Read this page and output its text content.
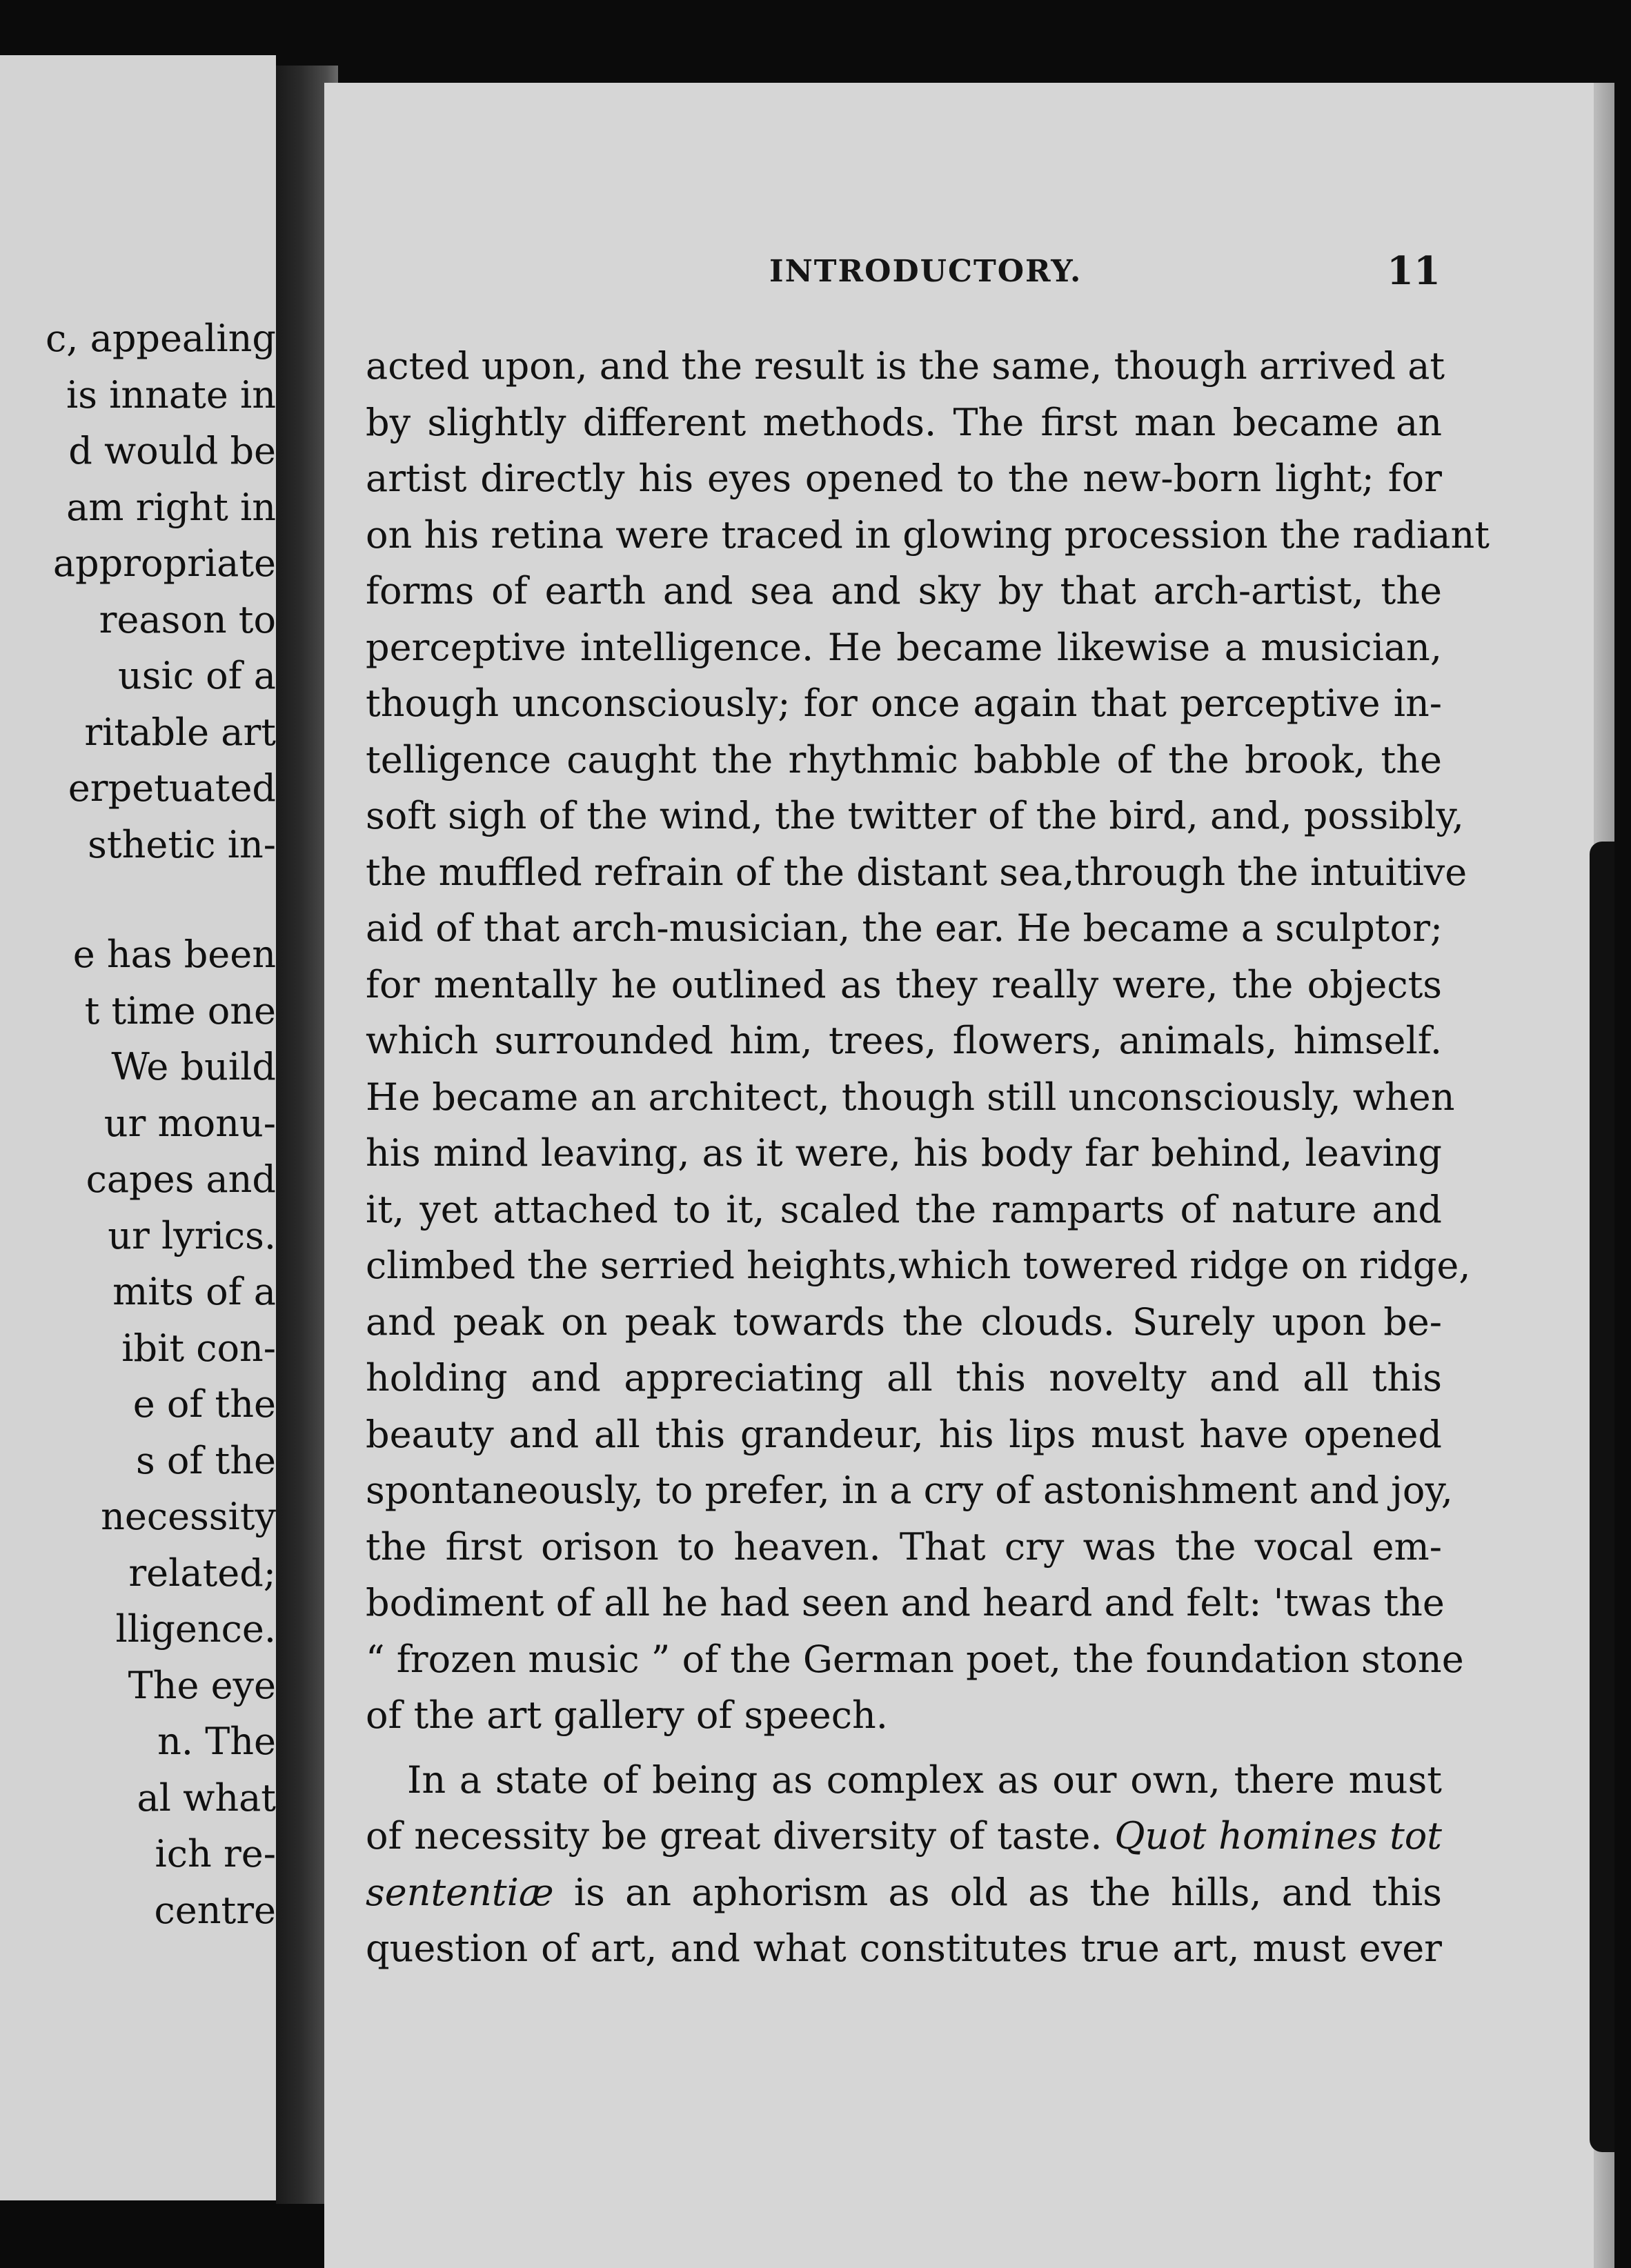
c, appealing
is innate in
d would be
am right in
appropriate
reason to
usic of a
ritable art
erpetuated
sthetic in-
e has been
t time one
We build
ur monu-
capes and
ur lyrics.
mits of a
ibit con-
e of the
s of the
necessity
related;
lligence.
The eye
n. The
al what
ich re-
centre
INTRODUCTORY.	11
acted upon, and the result is the same, though arrived at
by slightly different methods. The first man became an
artist directly his eyes opened to the new-born light; for
on his retina were traced in glowing procession the radiant
forms of earth and sea and sky by that arch-artist, the
perceptive intelligence. He became likewise a musician,
though unconsciously; for once again that perceptive in-
telligence caught the rhythmic babble of the brook, the
soft sigh of the wind, the twitter of the bird, and, possibly,
the muffled refrain of the distant sea,through the intuitive
aid of that arch-musician, the ear. He became a sculptor;
for mentally he outlined as they really were, the objects
which surrounded him, trees, flowers, animals, himself.
He became an architect, though still unconsciously, when
his mind leaving, as it were, his body far behind, leaving
it, yet attached to it, scaled the ramparts of nature and
climbed the serried heights,which towered ridge on ridge,
and peak on peak towards the clouds. Surely upon be-
holding and appreciating all this novelty and all this
beauty and all this grandeur, his lips must have opened
spontaneously, to prefer, in a cry of astonishment and joy,
the first orison to heaven. That cry was the vocal em-
bodiment of all he had seen and heard and felt: 'twas the
“ frozen music ” of the German poet, the foundation stone
of the art gallery of speech.
In a state of being as complex as our own, there must
of necessity be great diversity of taste. Quot homines tot
sententiæ is an aphorism as old as the hills, and this
question of art, and what constitutes true art, must ever
